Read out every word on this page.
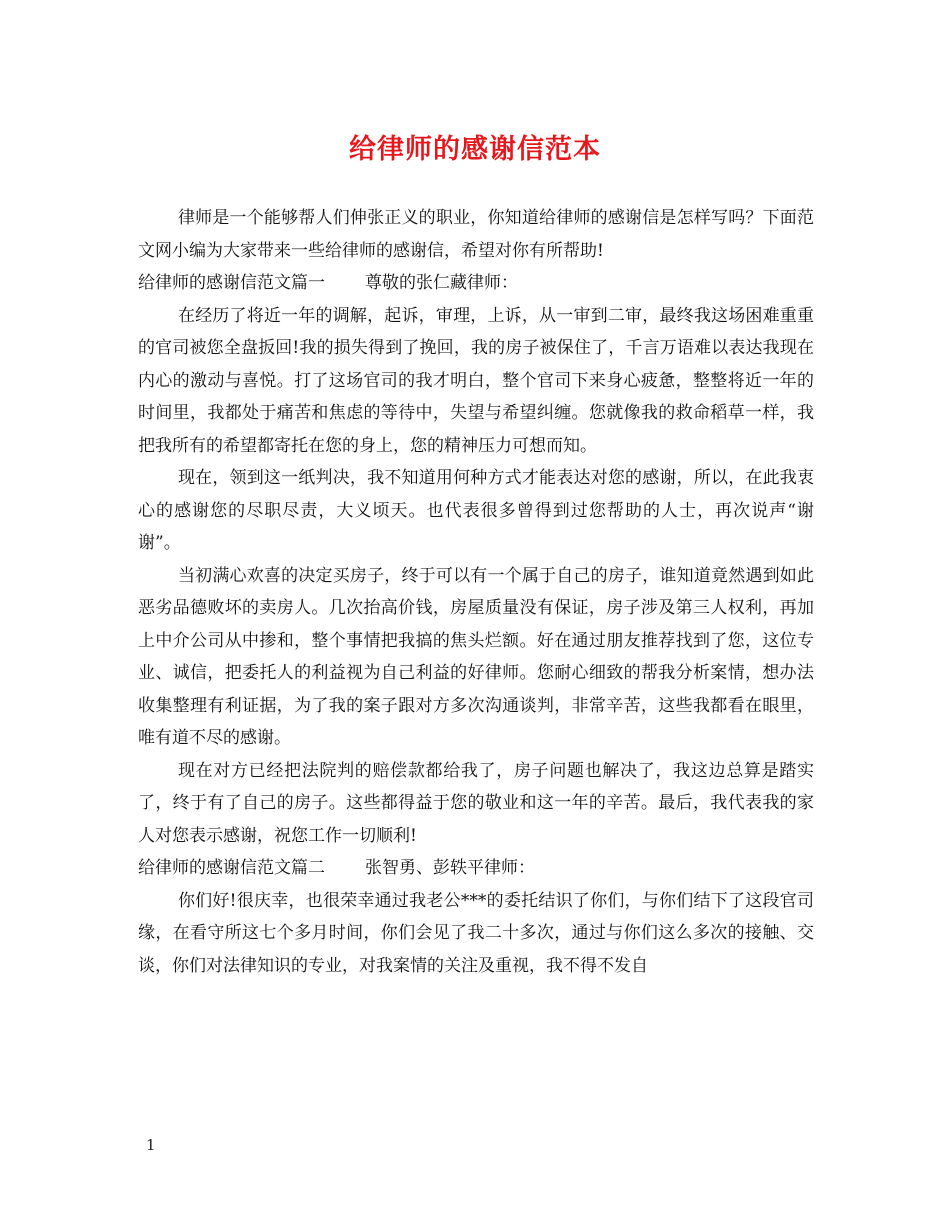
给律师的感谢信范本

律师是一个能够帮人们伸张正义的职业，你知道给律师的感谢信是怎样写吗？下面范文网小编为大家带来一些给律师的感谢信，希望对你有所帮助!

给律师的感谢信范文篇一 尊敬的张仁藏律师：

在经历了将近一年的调解，起诉，审理，上诉，从一审到二审，最终我这场困难重重的官司被您全盘扳回!我的损失得到了挽回，我的房子被保住了，千言万语难以表达我现在内心的激动与喜悦。打了这场官司的我才明白，整个官司下来身心疲惫，整整将近一年的时间里，我都处于痛苦和焦虑的等待中，失望与希望纠缠。您就像我的救命稻草一样，我把我所有的希望都寄托在您的身上，您的精神压力可想而知。

现在，领到这一纸判决，我不知道用何种方式才能表达对您的感谢，所以，在此我衷心的感谢您的尽职尽责，大义顷天。也代表很多曾得到过您帮助的人士，再次说声“谢谢”。

当初满心欢喜的决定买房子，终于可以有一个属于自己的房子，谁知道竟然遇到如此恶劣品德败坏的卖房人。几次抬高价钱，房屋质量没有保证，房子涉及第三人权利，再加上中介公司从中掺和，整个事情把我搞的焦头烂额。好在通过朋友推荐找到了您，这位专业、诚信，把委托人的利益视为自己利益的好律师。您耐心细致的帮我分析案情，想办法收集整理有利证据，为了我的案子跟对方多次沟通谈判，非常辛苦，这些我都看在眼里，唯有道不尽的感谢。

现在对方已经把法院判的赔偿款都给我了，房子问题也解决了，我这边总算是踏实了，终于有了自己的房子。这些都得益于您的敬业和这一年的辛苦。最后，我代表我的家人对您表示感谢，祝您工作一切顺利!

给律师的感谢信范文篇二 张智勇、彭轶平律师：

你们好!很庆幸，也很荣幸通过我老公***的委托结识了你们，与你们结下了这段官司缘，在看守所这七个多月时间，你们会见了我二十多次，通过与你们这么多次的接触、交谈，你们对法律知识的专业，对我案情的关注及重视，我不得不发自

1
